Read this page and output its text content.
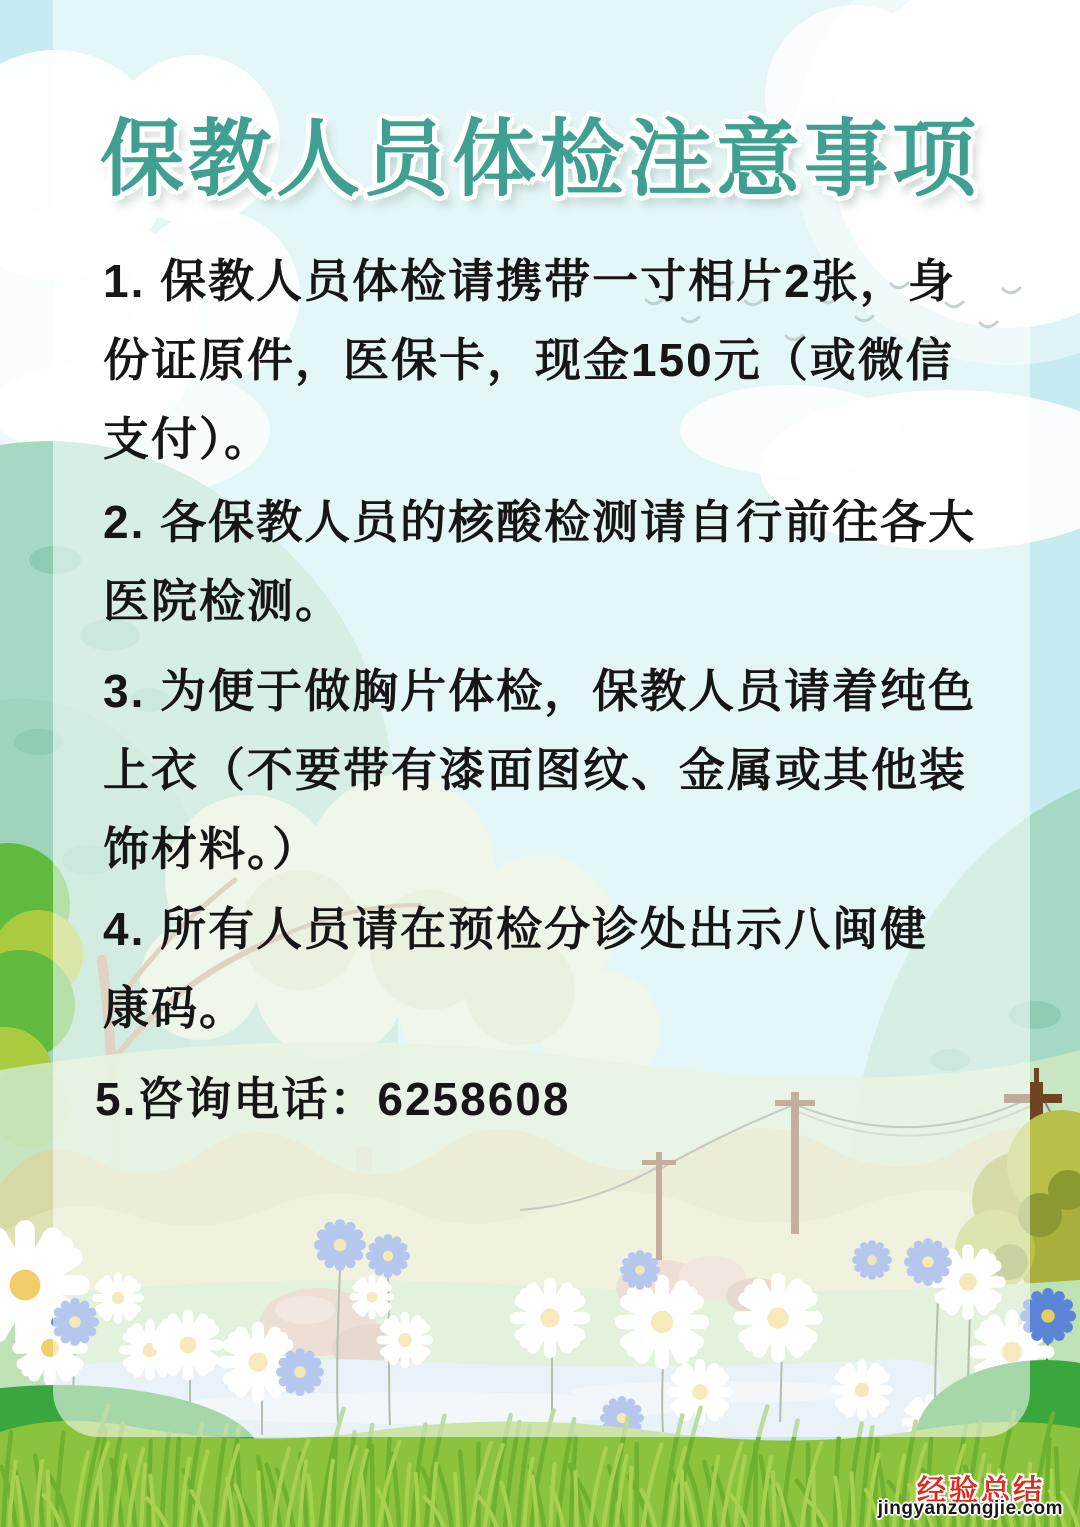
保教人员体检注意事项
1. 保教人员体检请携带一寸相片2张，身
份证原件，医保卡，现金150元（或微信
支付）。
2. 各保教人员的核酸检测请自行前往各大
医院检测。
3. 为便于做胸片体检，保教人员请着纯色
上衣（不要带有漆面图纹、金属或其他装
饰材料。）
4. 所有人员请在预检分诊处出示八闽健
康码。
5.咨询电话：6258608
经验总结
jingyanzongjie.com
